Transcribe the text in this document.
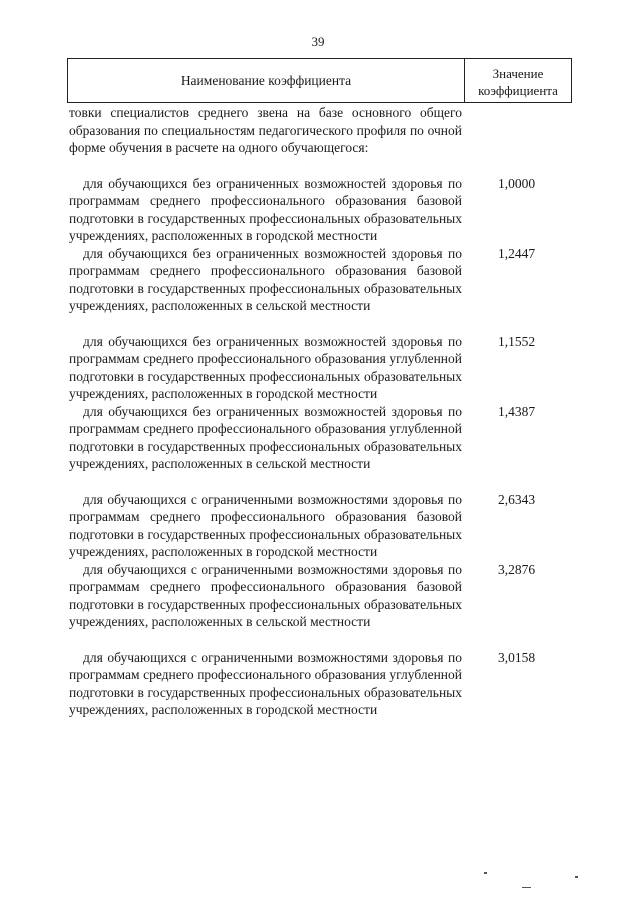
39
Наименование коэффициента	Значение
коэффициента
товки специалистов среднего звена на базе основного общего образования по специальностям педагогического профиля по очной форме обучения в расчете на одного обучающегося:
для обучающихся без ограниченных возможностей здоровья по программам среднего профессионального образования базовой подготовки в государственных профессиональных образовательных учреждениях, расположенных в городской местности
1,0000
для обучающихся без ограниченных возможностей здоровья по программам среднего профессионального образования базовой подготовки в государственных профессиональных образовательных учреждениях, расположенных в сельской местности
1,2447
для обучающихся без ограниченных возможностей здоровья по программам среднего профессионального образования углубленной подготовки в государственных профессиональных образовательных учреждениях, расположенных в городской местности
1,1552
для обучающихся без ограниченных возможностей здоровья по программам среднего профессионального образования углубленной подготовки в государственных профессиональных образовательных учреждениях, расположенных в сельской местности
1,4387
для обучающихся с ограниченными возможностями здоровья по программам среднего профессионального образования базовой подготовки в государственных профессиональных образовательных учреждениях, расположенных в городской местности
2,6343
для обучающихся с ограниченными возможностями здоровья по программам среднего профессионального образования базовой подготовки в государственных профессиональных образовательных учреждениях, расположенных в сельской местности
3,2876
для обучающихся с ограниченными возможностями здоровья по программам среднего профессионального образования углубленной подготовки в государственных профессиональных образовательных учреждениях, расположенных в городской местности
3,0158
